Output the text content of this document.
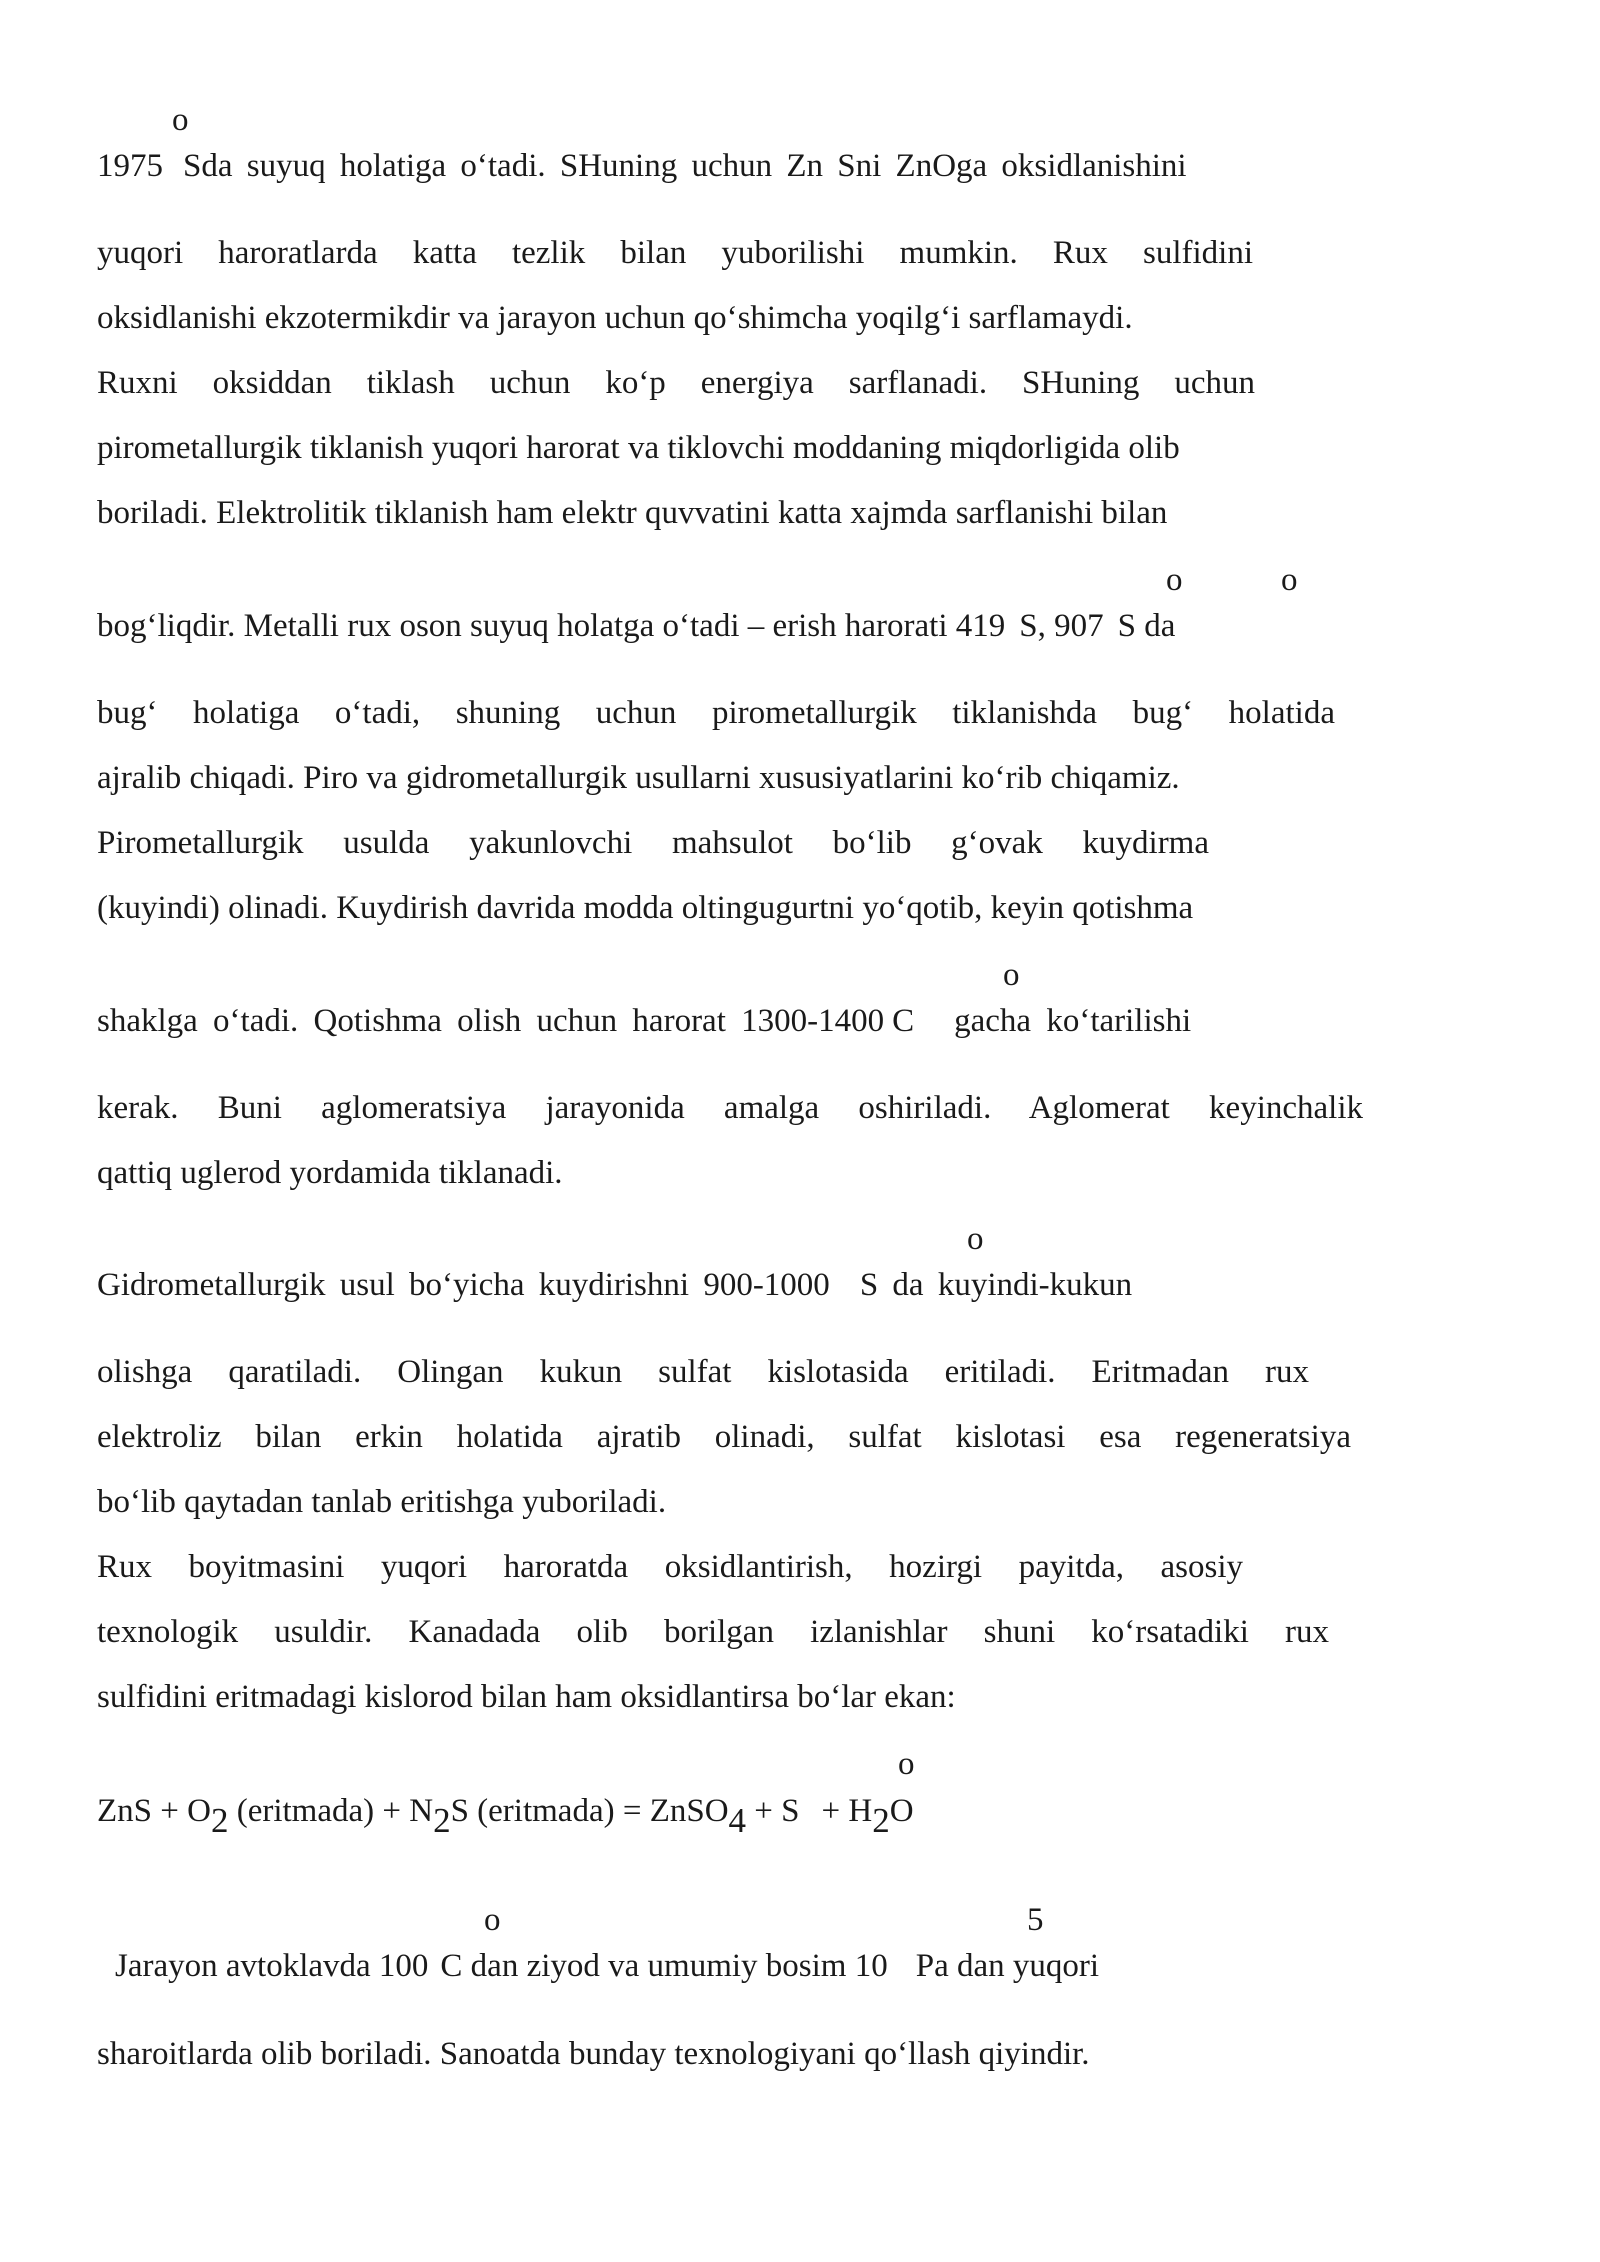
o
1975 Sda suyuq holatiga o‘tadi. SHuning uchun Zn Sni ZnOga oksidlanishini
yuqori haroratlarda katta tezlik bilan yuborilishi mumkin. Rux sulfidini
oksidlanishi ekzotermikdir va jarayon uchun qo‘shimcha yoqilg‘i sarflamaydi.
Ruxni oksiddan tiklash uchun ko‘p energiya sarflanadi. SHuning uchun
pirometallurgik tiklanish yuqori harorat va tiklovchi moddaning miqdorligida olib
boriladi. Elektrolitik tiklanish ham elektr quvvatini katta xajmda sarflanishi bilan
o	o
bog‘liqdir. Metalli rux oson suyuq holatga o‘tadi – erish harorati 419 S, 907 S da
bug‘ holatiga o‘tadi, shuning uchun pirometallurgik tiklanishda bug‘ holatida
ajralib chiqadi. Piro va gidrometallurgik usullarni xususiyatlarini ko‘rib chiqamiz.
Pirometallurgik usulda yakunlovchi mahsulot bo‘lib g‘ovak kuydirma
(kuyindi) olinadi. Kuydirish davrida modda oltingugurtni yo‘qotib, keyin qotishma
o
shaklga o‘tadi. Qotishma olish uchun harorat 1300-1400 C gacha ko‘tarilishi
kerak. Buni aglomeratsiya jarayonida amalga oshiriladi. Aglomerat keyinchalik
qattiq uglerod yordamida tiklanadi.
o
Gidrometallurgik usul bo‘yicha kuydirishni 900-1000 S da kuyindi-kukun
olishga qaratiladi. Olingan kukun sulfat kislotasida eritiladi. Eritmadan rux
elektroliz bilan erkin holatida ajratib olinadi, sulfat kislotasi esa regeneratsiya
bo‘lib qaytadan tanlab eritishga yuboriladi.
Rux boyitmasini yuqori haroratda oksidlantirish, hozirgi payitda, asosiy
texnologik usuldir. Kanadada olib borilgan izlanishlar shuni ko‘rsatadiki rux
sulfidini eritmadagi kislorod bilan ham oksidlantirsa bo‘lar ekan:
o
ZnS + O2 (eritmada) + N2S (eritmada) = ZnSO4 + S + H2O
o	5
Jarayon avtoklavda 100 C dan ziyod va umumiy bosim 10 Pa dan yuqori
sharoitlarda olib boriladi. Sanoatda bunday texnologiyani qo‘llash qiyindir.
